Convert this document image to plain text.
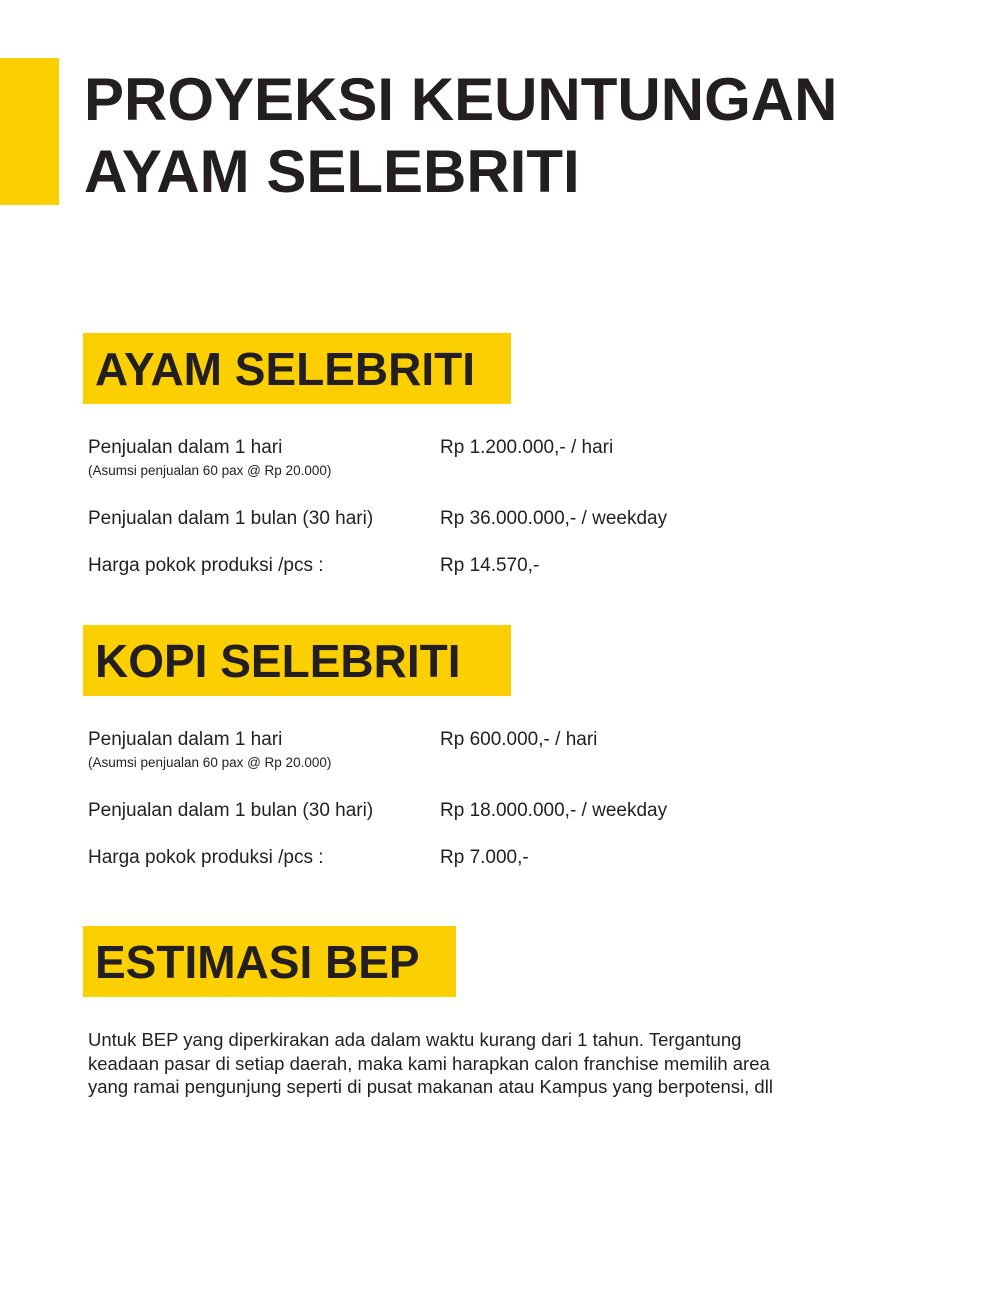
PROYEKSI KEUNTUNGAN
AYAM SELEBRITI
AYAM SELEBRITI
Penjualan dalam 1 hari	Rp 1.200.000,- / hari
(Asumsi penjualan 60 pax @ Rp 20.000)
Penjualan dalam 1 bulan (30 hari)	Rp 36.000.000,- / weekday
Harga pokok produksi /pcs :	Rp 14.570,-
KOPI SELEBRITI
Penjualan dalam 1 hari	Rp 600.000,- / hari
(Asumsi penjualan 60 pax @ Rp 20.000)
Penjualan dalam 1 bulan (30 hari)	Rp 18.000.000,- / weekday
Harga pokok produksi /pcs :	Rp 7.000,-
ESTIMASI BEP
Untuk BEP yang diperkirakan ada dalam waktu kurang dari 1 tahun. Tergantung
keadaan pasar di setiap daerah, maka kami harapkan calon franchise memilih area
yang ramai pengunjung seperti di pusat makanan atau Kampus yang berpotensi, dll
